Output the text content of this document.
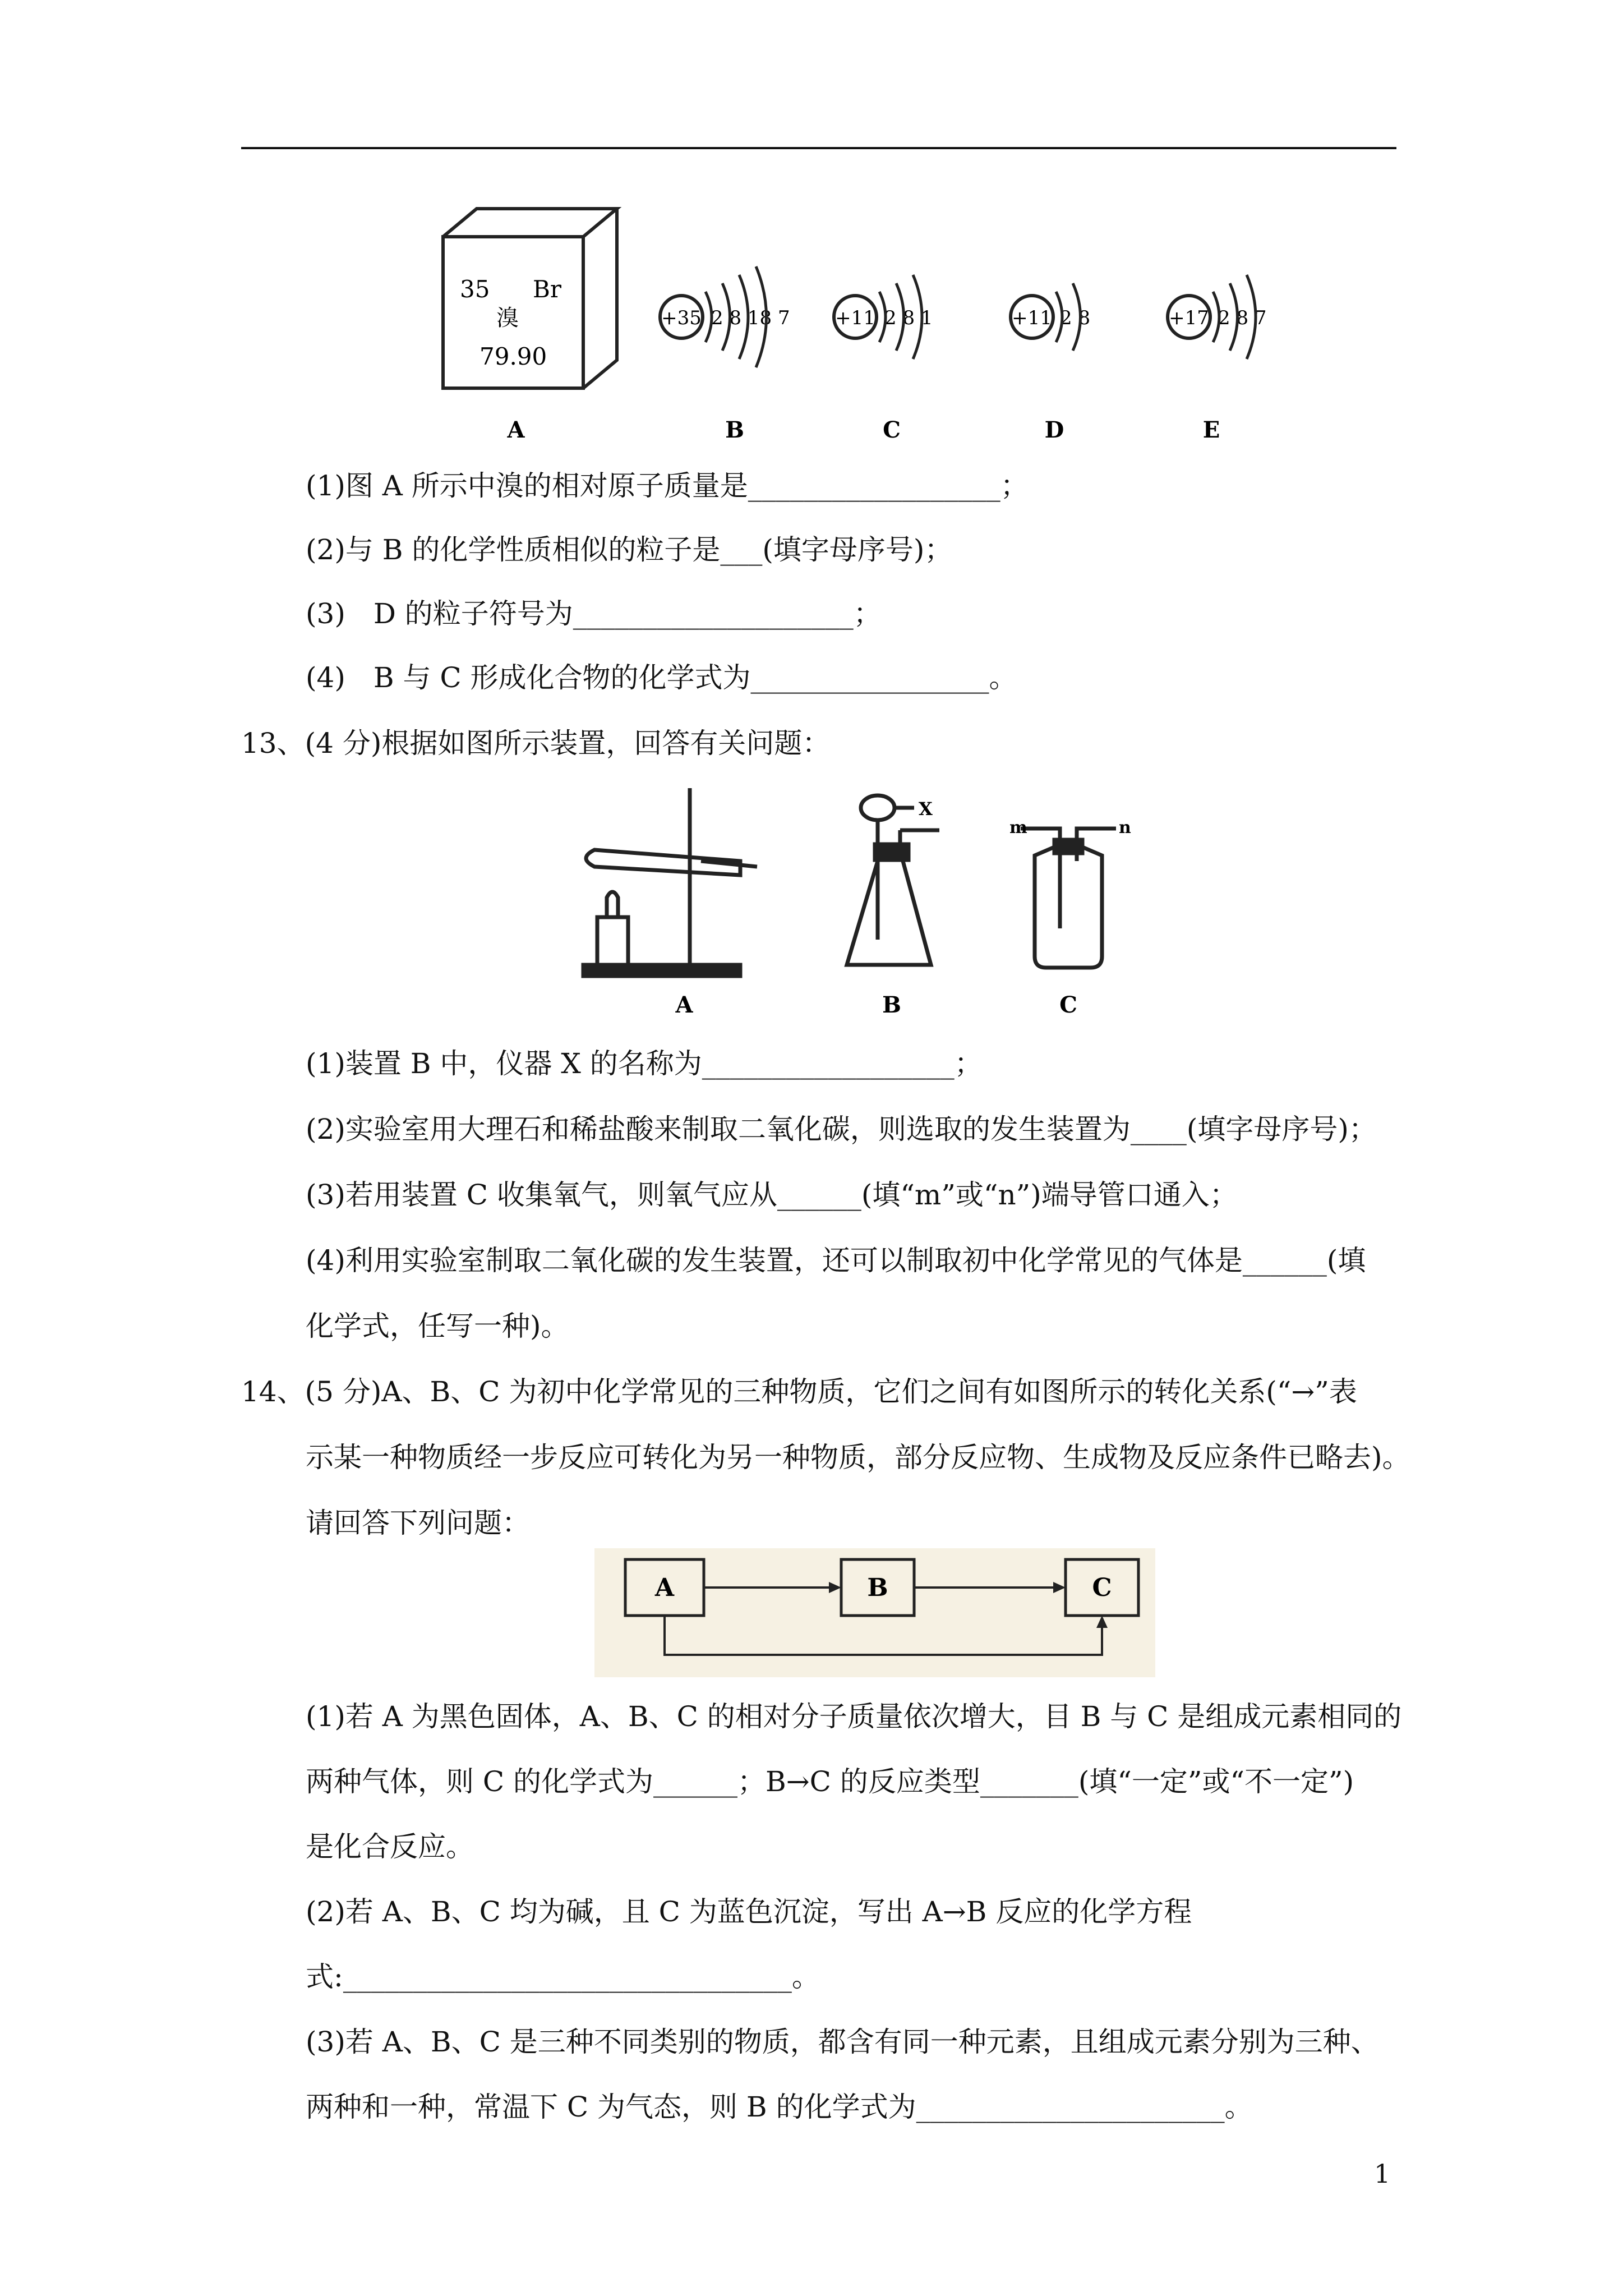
35 Br
溴
79.90
+35 2 8 18 7 +11 2 8 1	+11 2 8	+17 2 8 7
A	B	C	D	E
(1)图 A 所示中溴的相对原子质量是__________________；
(2)与 B 的化学性质相似的粒子是___(填字母序号)；
(3)　D 的粒子符号为____________________；
(4)　B 与 C 形成化合物的化学式为_________________。
13、(4 分)根据如图所示装置，回答有关问题：
X
m	n
A	B	C
(1)装置 B 中，仪器 X 的名称为__________________；
(2)实验室用大理石和稀盐酸来制取二氧化碳，则选取的发生装置为____(填字母序号)；
(3)若用装置 C 收集氧气，则氧气应从______(填“m”或“n”)端导管口通入；
(4)利用实验室制取二氧化碳的发生装置，还可以制取初中化学常见的气体是______(填
化学式，任写一种)。
14、(5 分)A、B、C 为初中化学常见的三种物质，它们之间有如图所示的转化关系(“→”表
示某一种物质经一步反应可转化为另一种物质，部分反应物、生成物及反应条件已略去)。
请回答下列问题：
A	B	C
(1)若 A 为黑色固体，A、B、C 的相对分子质量依次增大，目 B 与 C 是组成元素相同的
两种气体，则 C 的化学式为______；B→C 的反应类型_______(填“一定”或“不一定”)
是化合反应。
(2)若 A、B、C 均为碱，且 C 为蓝色沉淀，写出 A→B 反应的化学方程
式:________________________________。
(3)若 A、B、C 是三种不同类别的物质，都含有同一种元素，且组成元素分别为三种、
两种和一种，常温下 C 为气态，则 B 的化学式为______________________。
1
